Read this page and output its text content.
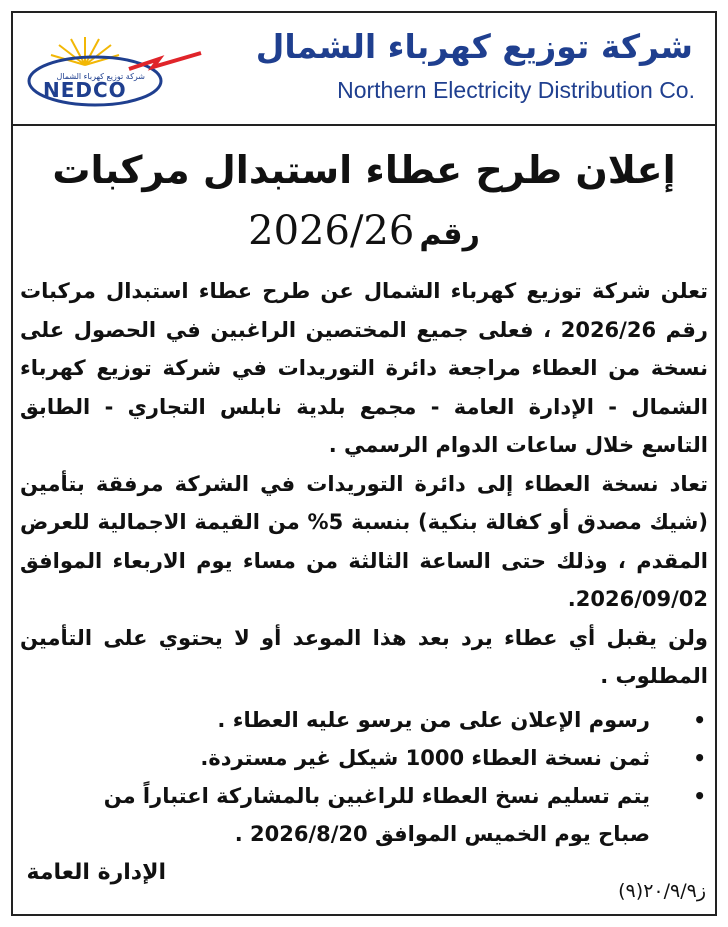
شركة توزيع كهرباء الشمال
NEDCO
شركة توزيع كهرباء الشمال
Northern Electricity Distribution Co.
إعلان طرح عطاء استبدال مركبات
رقم 2026/26

تعلن شركة توزيع كهرباء الشمال عن طرح عطاء استبدال مركبات رقم 2026/26 ، فعلى جميع المختصين الراغبين في الحصول على نسخة من العطاء مراجعة دائرة التوريدات في شركة توزيع كهرباء الشمال - الإدارة العامة - مجمع بلدية نابلس التجاري - الطابق التاسع خلال ساعات الدوام الرسمي .

تعاد نسخة العطاء إلى دائرة التوريدات في الشركة مرفقة بتأمين (شيك مصدق أو كفالة بنكية) بنسبة 5% من القيمة الاجمالية للعرض المقدم ، وذلك حتى الساعة الثالثة من مساء يوم الاربعاء الموافق 2026/09/02.

ولن يقبل أي عطاء يرد بعد هذا الموعد أو لا يحتوي على التأمين المطلوب .

•
رسوم الإعلان على من يرسو عليه العطاء .
•
ثمن نسخة العطاء 1000 شيكل غير مستردة.
•
يتم تسليم نسخ العطاء للراغبين بالمشاركة اعتباراً من صباح يوم الخميس الموافق 2026/8/20 .
الإدارة العامة
ز٢٠/٩/٩(٩)
